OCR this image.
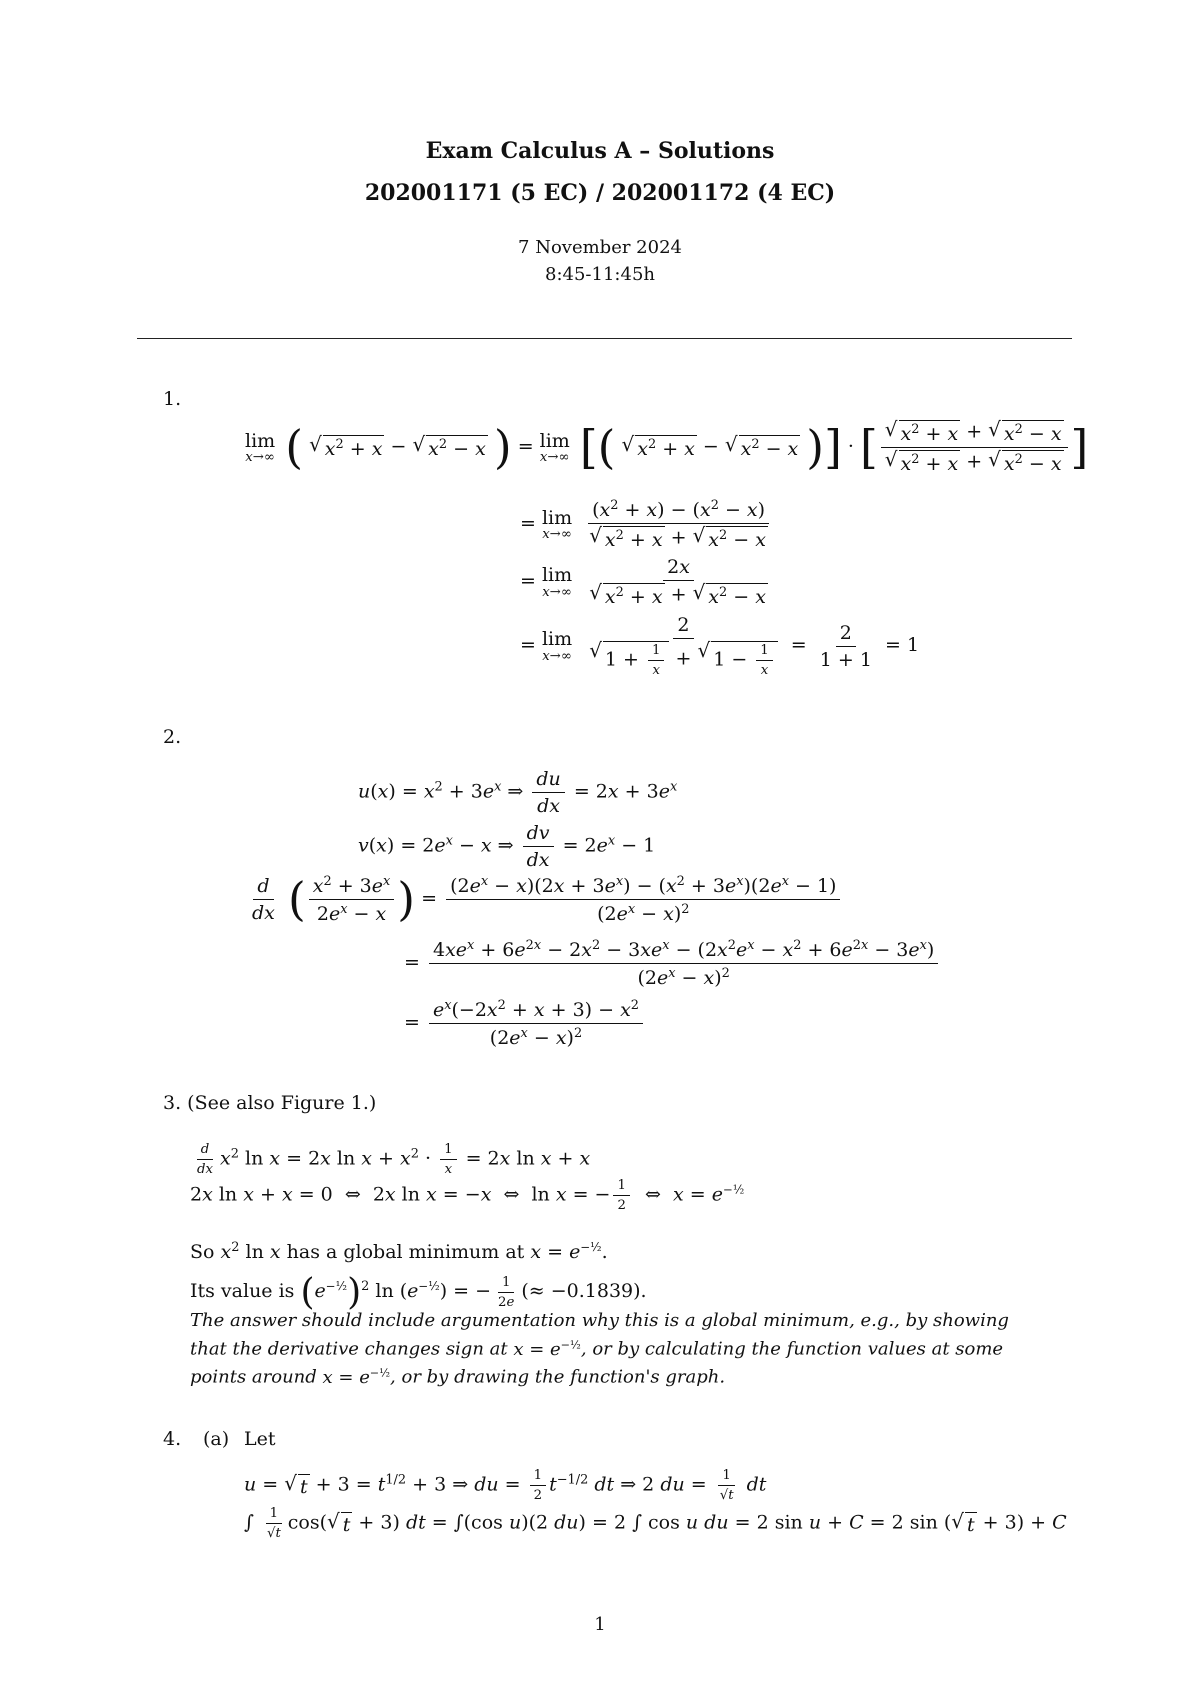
Exam Calculus A – Solutions
202001171 (5 EC) / 202001172 (4 EC)
7 November 2024
8:45-11:45h
1.
lim
x→∞ ( √ $x^2 + x$ − √ $x^2 - x$ ) = lim
x→∞ [( √ $x^2 + x$ − √ $x^2 - x$ )] · [ $\frac{√ x^2 + x + √ x^2 - x}{√ x^2 + x + √ x^2 - x}$ ]
= lim
x→∞
$\frac{(x^2 + x) - (x^2 - x)}{√ x^2 + x + √ x^2 - x}$
= lim
x→∞
$\frac{2x}{√ x^2 + x + √ x^2 - x}$
= lim
x→∞
$\frac{2}{√ 1 + \frac{1}{x} + √ 1 - \frac{1}{x}} = \frac{2}{1 + 1} = 1$
2.
$u(x) = x^2 + 3e^x$ ⇒ $\frac{du}{dx} = 2x + 3e^x$
$v(x) = 2e^x - x$ ⇒ $\frac{dv}{dx} = 2e^x - 1$
$\frac{d}{dx}$ ( $\frac{x^2 + 3e^x}{2e^x - x}$ ) = $\frac{(2e^x - x)(2x + 3e^x) - (x^2 + 3e^x)(2e^x - 1)}{(2e^x - x)^2}$
= $\frac{4xe^x + 6e^{2x} - 2x^2 - 3xe^x - (2x^2e^x - x^2 + 6e^{2x} - 3e^x)}{(2e^x - x)^2}$
= $\frac{e^x(-2x^2 + x + 3) - x^2}{(2e^x - x)^2}$
3. (See also Figure 1.)
$\frac{d}{dx} x^2$ ln x = 2x $\ln x + x^2 \cdot \frac{1}{x} = 2x$ ln x + x
2x ln x + x = 0  ⇔  2x ln x = −x  ⇔  ln x = − $\frac{1}{2}$ ⇔  $x = e^{-\frac{1}{2}}$
So $x^2$ ln x has a global minimum at $x = e^{-\frac{1}{2}}$.
Its value is $(e^{-\frac{1}{2}})^2$ $\ln (e^{-\frac{1}{2}})$ = − $\frac{1}{2e}$ (≈ −0.1839).
The answer should include argumentation why this is a global minimum, e.g., by showing
that the derivative changes sign at $x = e^{-\frac{1}{2}}$, or by calculating the function values at some
points around $x = e^{-\frac{1}{2}}$, or by drawing the function's graph.
4. (a) Let
u = √ $t + 3 = t^{1/2} + 3$ ⇒ du = $\frac{1}{2} t^{-1/2}$ dt ⇒ 2 du = $\frac{1}{√t}$ dt
∫ $\frac{1}{√t} \cos$( √ t + 3) dt = ∫(cos u)(2 du) = 2 ∫ cos u du = 2 sin u + C = 2 sin ( √ t + 3) + C
1
